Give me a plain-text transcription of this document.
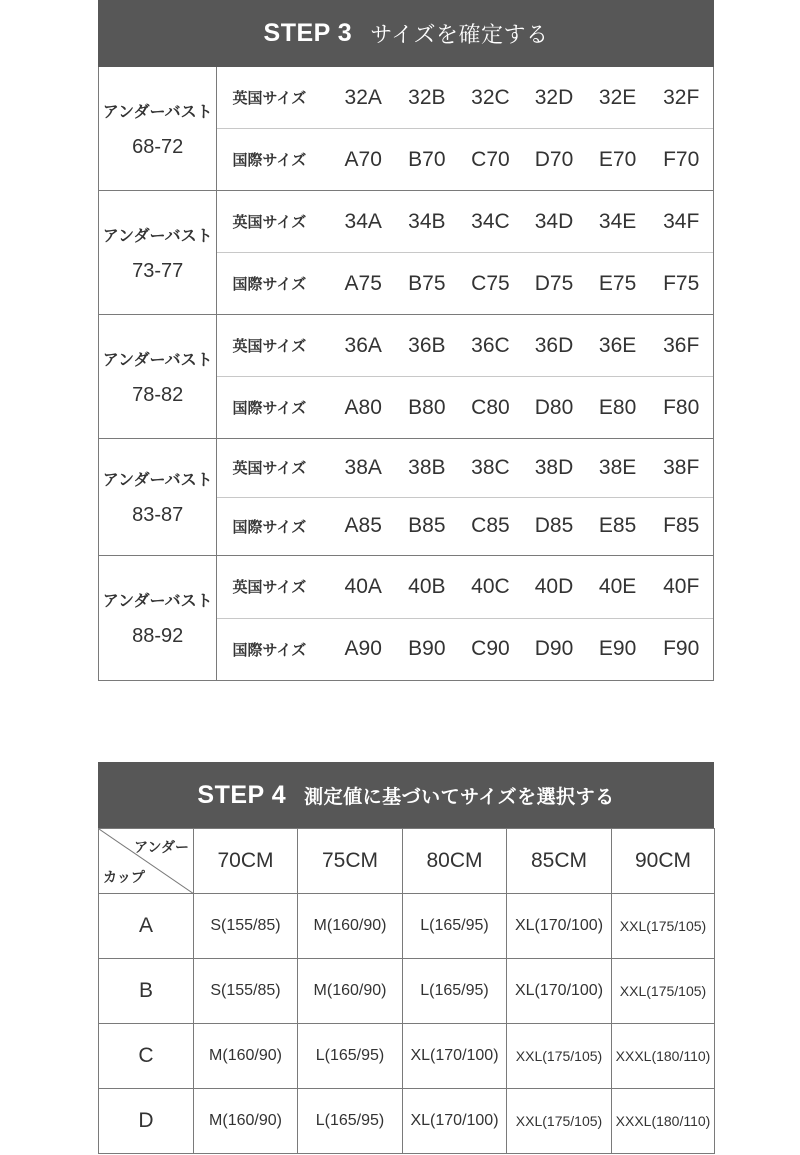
STEP 3 サイズを確定する
アンダーバスト
68-72
英国サイズ	32A	32B	32C	32D	32E	32F
国際サイズ	A70	B70	C70	D70	E70	F70
アンダーバスト
73-77
英国サイズ	34A	34B	34C	34D	34E	34F
国際サイズ	A75	B75	C75	D75	E75	F75
アンダーバスト
78-82
英国サイズ	36A	36B	36C	36D	36E	36F
国際サイズ	A80	B80	C80	D80	E80	F80
アンダーバスト
83-87
英国サイズ	38A	38B	38C	38D	38E	38F
国際サイズ	A85	B85	C85	D85	E85	F85
アンダーバスト
88-92
英国サイズ	40A	40B	40C	40D	40E	40F
国際サイズ	A90	B90	C90	D90	E90	F90
STEP 4 測定値に基づいてサイズを選択する
アンダー
カップ	70CM	75CM	80CM	85CM	90CM
A	S(155/85)	M(160/90)	L(165/95)	XL(170/100)	XXL(175/105)
B	S(155/85)	M(160/90)	L(165/95)	XL(170/100)	XXL(175/105)
C	M(160/90)	L(165/95)	XL(170/100)	XXL(175/105)	XXXL(180/110)
D	M(160/90)	L(165/95)	XL(170/100)	XXL(175/105)	XXXL(180/110)
